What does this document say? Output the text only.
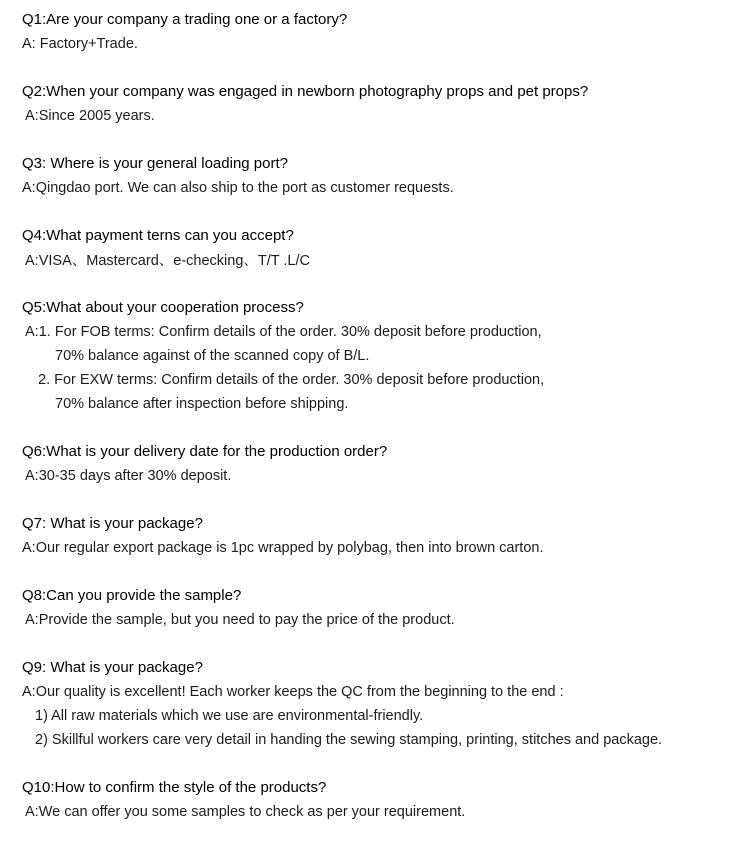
Q1:Are your company a trading one or a factory?
A: Factory+Trade.
Q2:When your company was engaged in newborn photography props and pet props?
A:Since 2005 years.
Q3: Where is your general loading port?
A:Qingdao port. We can also ship to the port as customer requests.
Q4:What payment terns can you accept?
A:VISA、Mastercard、e-checking、T/T .L/C
Q5:What about your cooperation process?
A:1. For FOB terms: Confirm details of the order. 30% deposit before production,
70% balance against of the scanned copy of B/L.
2. For EXW terms: Confirm details of the order. 30% deposit before production,
70% balance after inspection before shipping.
Q6:What is your delivery date for the production order?
A:30-35 days after 30% deposit.
Q7: What is your package?
A:Our regular export package is 1pc wrapped by polybag, then into brown carton.
Q8:Can you provide the sample?
A:Provide the sample, but you need to pay the price of the product.
Q9: What is your package?
A:Our quality is excellent! Each worker keeps the QC from the beginning to the end :
1) All raw materials which we use are environmental-friendly.
2) Skillful workers care very detail in handing the sewing stamping, printing, stitches and package.
Q10:How to confirm the style of the products?
A:We can offer you some samples to check as per your requirement.
